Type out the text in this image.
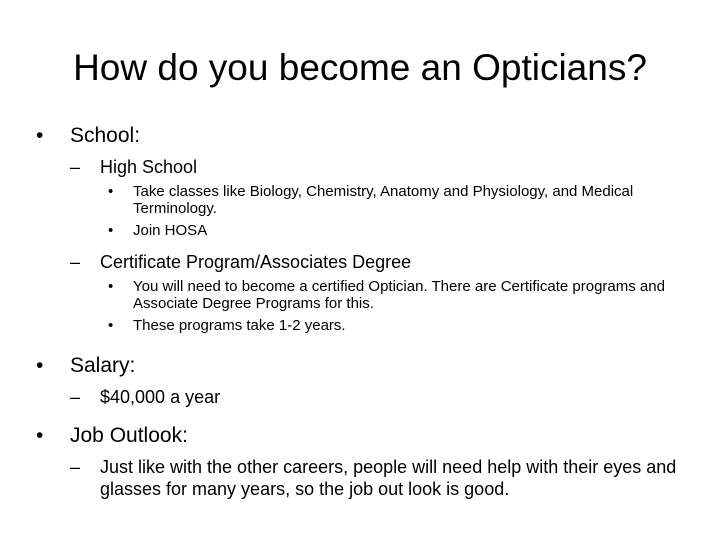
How do you become an Opticians?
• School:
– High School
• Take classes like Biology, Chemistry, Anatomy and Physiology, and Medical Terminology.
• Join HOSA
– Certificate Program/Associates Degree
• You will need to become a certified Optician. There are Certificate programs and Associate Degree Programs for this.
• These programs take 1-2 years.
• Salary:
– $40,000 a year
• Job Outlook:
– Just like with the other careers, people will need help with their eyes and glasses for many years, so the job out look is good.
